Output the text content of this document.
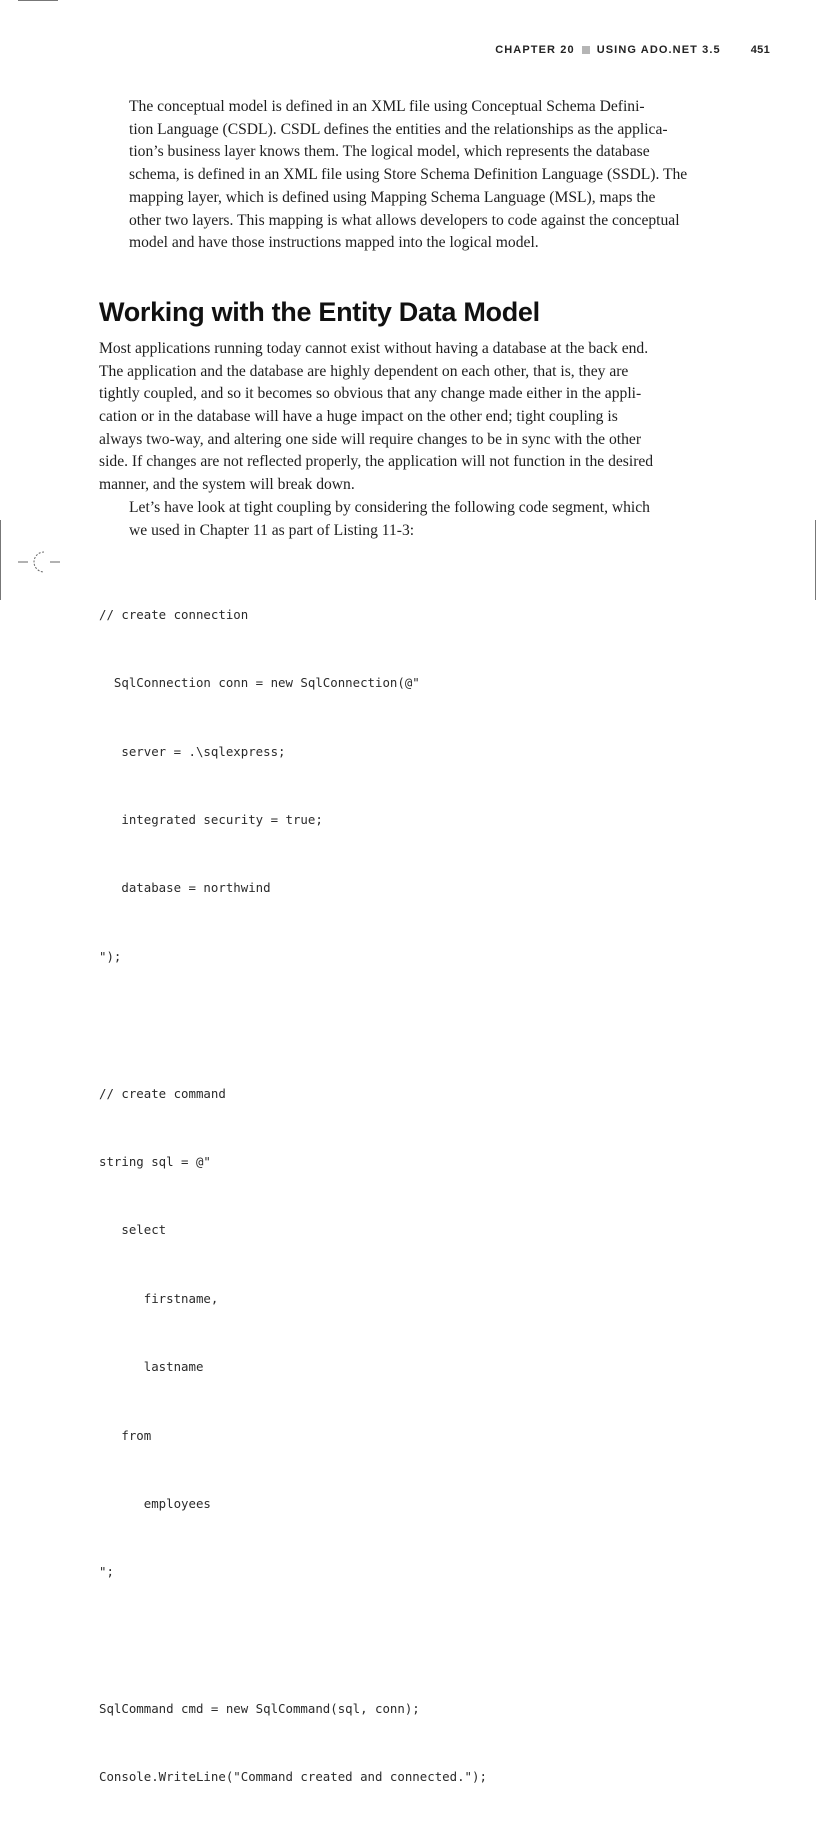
CHAPTER 20 USING ADO.NET 3.5	451

The conceptual model is defined in an XML file using Conceptual Schema Defini-
tion Language (CSDL). CSDL defines the entities and the relationships as the applica-
tion’s business layer knows them. The logical model, which represents the database
schema, is defined in an XML file using Store Schema Definition Language (SSDL). The
mapping layer, which is defined using Mapping Schema Language (MSL), maps the
other two layers. This mapping is what allows developers to code against the conceptual
model and have those instructions mapped into the logical model.

Working with the Entity Data Model

Most applications running today cannot exist without having a database at the back end.
The application and the database are highly dependent on each other, that is, they are
tightly coupled, and so it becomes so obvious that any change made either in the appli-
cation or in the database will have a huge impact on the other end; tight coupling is
always two-way, and altering one side will require changes to be in sync with the other
side. If changes are not reflected properly, the application will not function in the desired
manner, and the system will break down.

Let’s have look at tight coupling by considering the following code segment, which
we used in Chapter 11 as part of Listing 11-3:

// create connection

SqlConnection conn = new SqlConnection(@"

server = .\sqlexpress;

integrated security = true;

database = northwind

");

// create command

string sql = @"

select

firstname,

lastname

from

employees

";

SqlCommand cmd = new SqlCommand(sql, conn);

Console.WriteLine("Command created and connected.");
